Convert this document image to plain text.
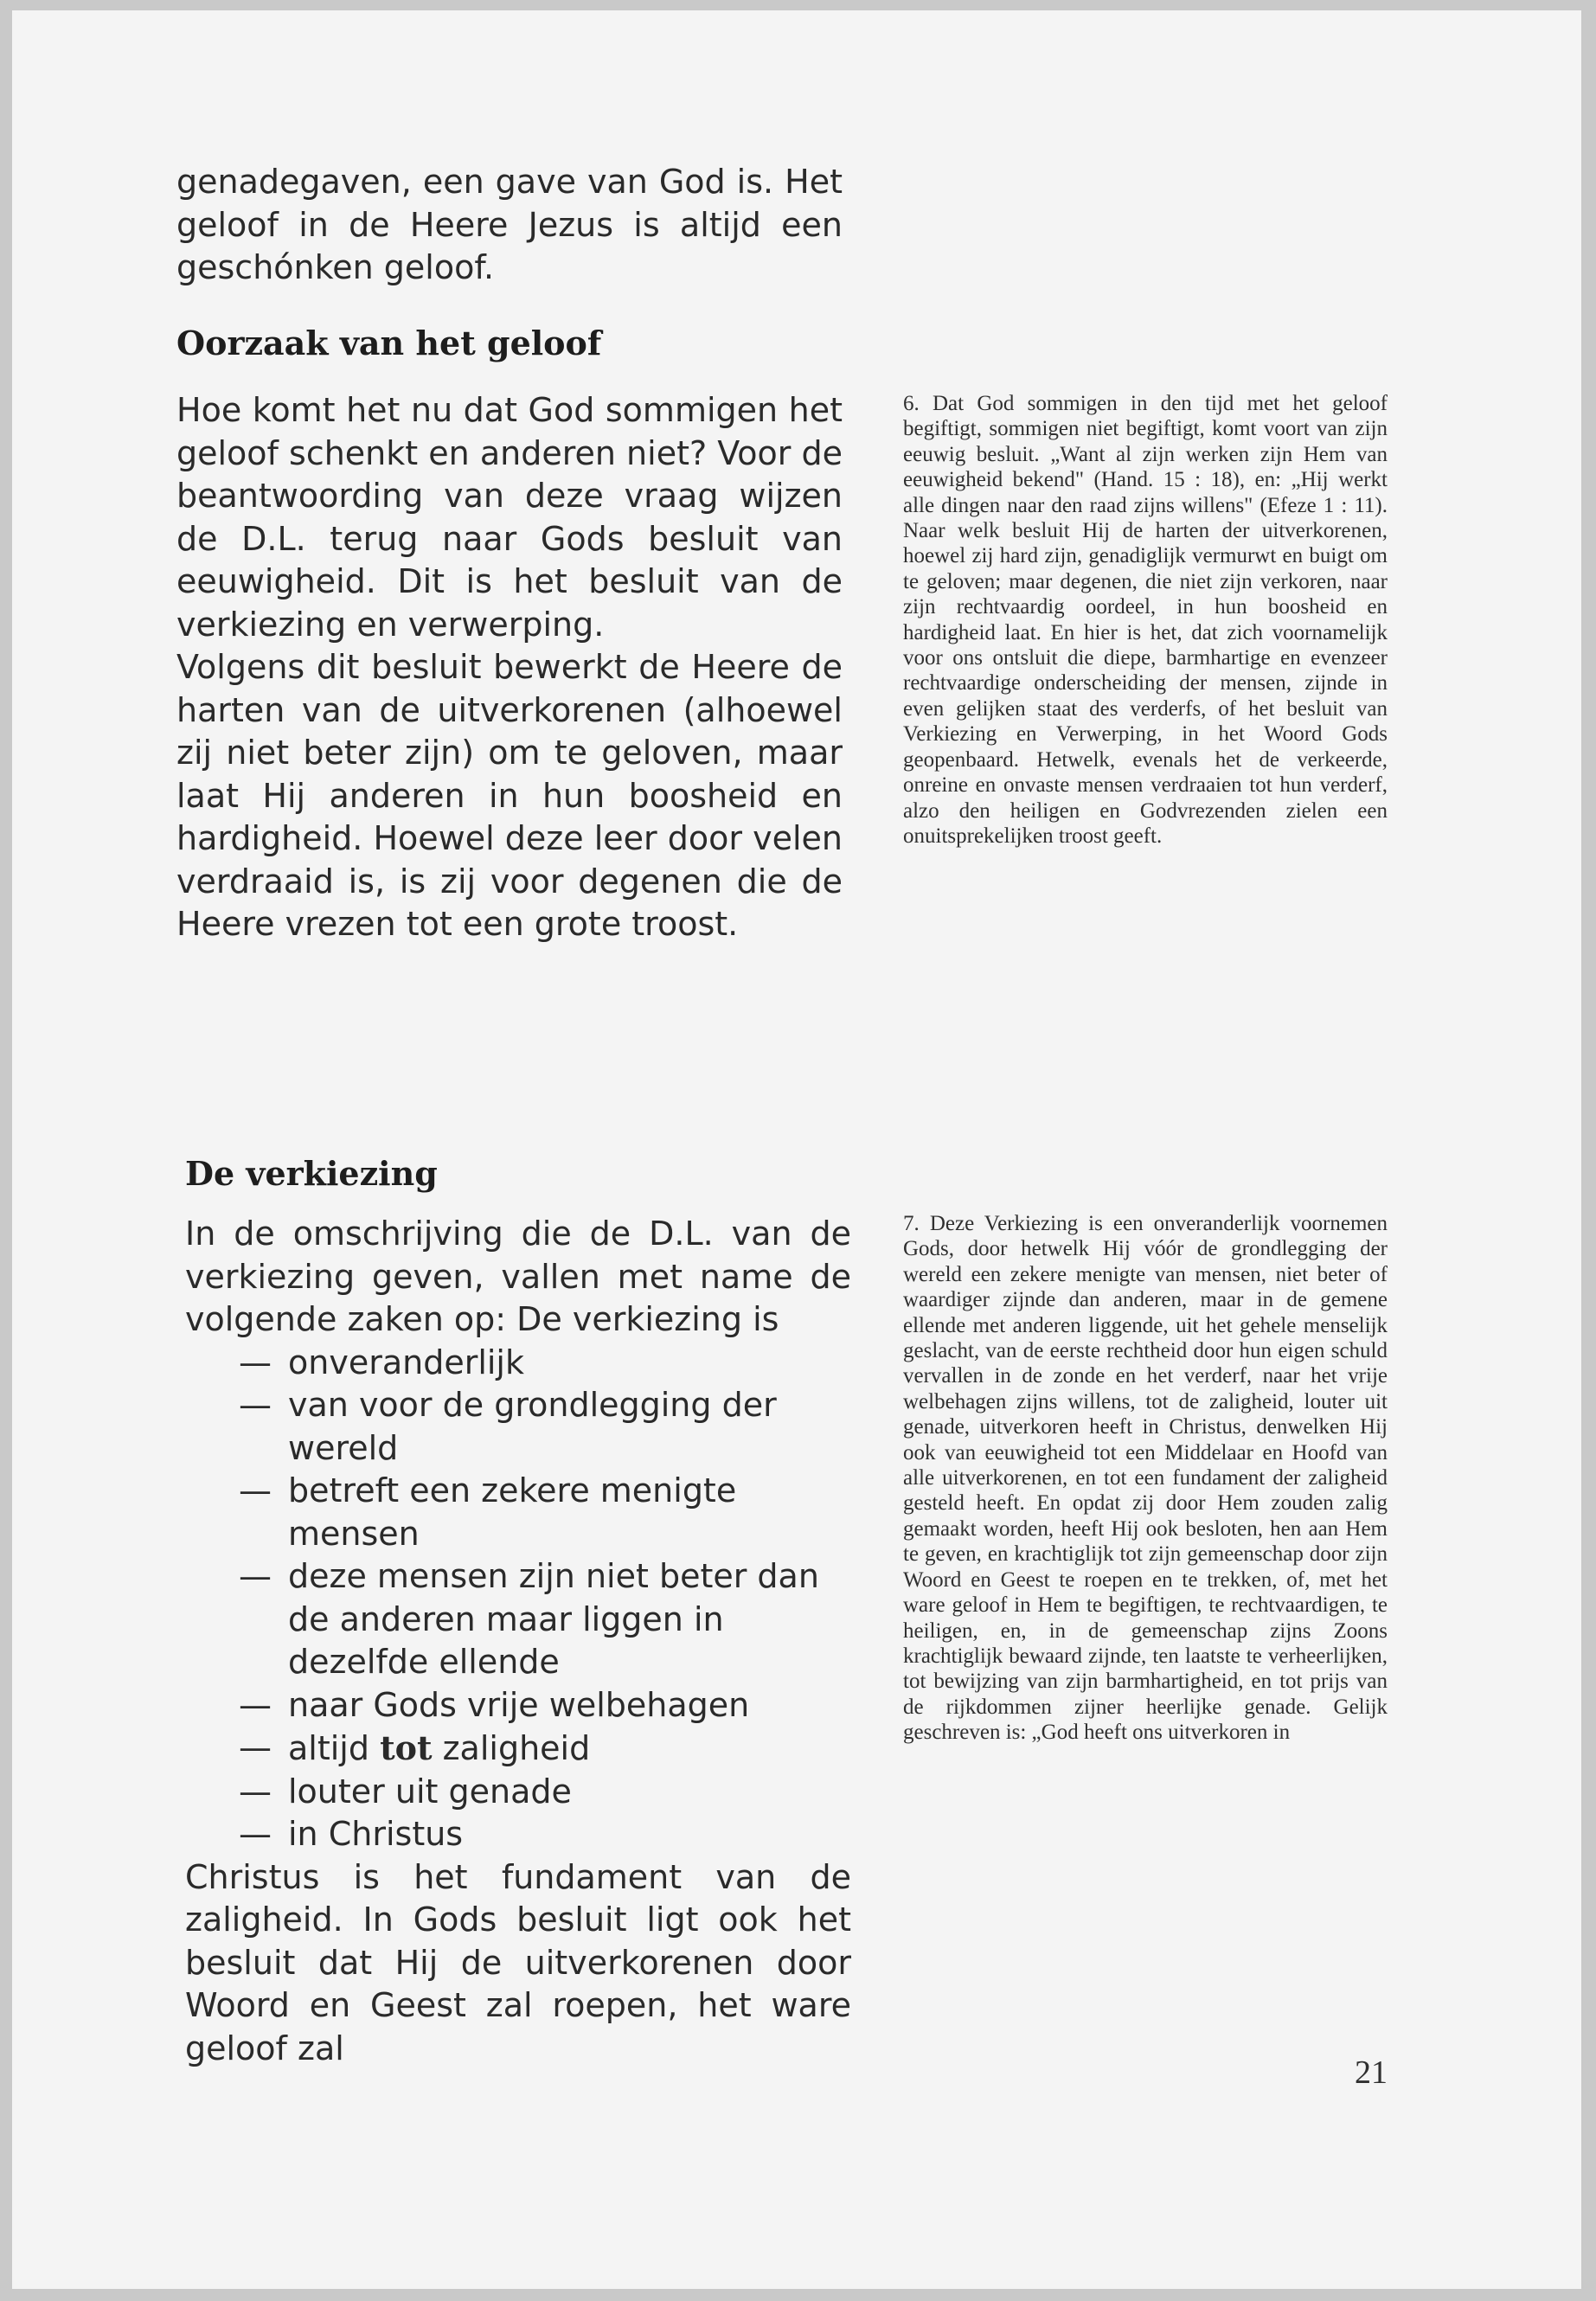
genadegaven, een gave van God is. Het geloof in de Heere Jezus is altijd een geschónken geloof.

Oorzaak van het geloof

Hoe komt het nu dat God sommigen het geloof schenkt en anderen niet? Voor de beantwoording van deze vraag wijzen de D.L. terug naar Gods besluit van eeuwigheid. Dit is het besluit van de verkiezing en verwerping.

Volgens dit besluit bewerkt de Heere de harten van de uitverkorenen (alhoewel zij niet beter zijn) om te geloven, maar laat Hij anderen in hun boosheid en hardigheid. Hoewel deze leer door velen verdraaid is, is zij voor degenen die de Heere vrezen tot een grote troost.

6. Dat God sommigen in den tijd met het geloof begiftigt, sommigen niet begiftigt, komt voort van zijn eeuwig besluit. „Want al zijn werken zijn Hem van eeuwigheid bekend" (Hand. 15 : 18), en: „Hij werkt alle dingen naar den raad zijns willens" (Efeze 1 : 11). Naar welk besluit Hij de harten der uitverkorenen, hoewel zij hard zijn, genadiglijk vermurwt en buigt om te geloven; maar degenen, die niet zijn verkoren, naar zijn rechtvaardig oordeel, in hun boosheid en hardigheid laat. En hier is het, dat zich voornamelijk voor ons ontsluit die diepe, barmhartige en evenzeer rechtvaardige onderscheiding der mensen, zijnde in even gelijken staat des verderfs, of het besluit van Verkiezing en Verwerping, in het Woord Gods geopenbaard. Hetwelk, evenals het de verkeerde, onreine en onvaste mensen verdraaien tot hun verderf, alzo den heiligen en Godvrezenden zielen een onuitsprekelijken troost geeft.

De verkiezing

In de omschrijving die de D.L. van de verkiezing geven, vallen met name de volgende zaken op: De verkiezing is

— onveranderlijk
— van voor de grondlegging der wereld
— betreft een zekere menigte mensen
— deze mensen zijn niet beter dan de anderen maar liggen in dezelfde ellende
— naar Gods vrije welbehagen
— altijd tot zaligheid
— louter uit genade
— in Christus

Christus is het fundament van de zaligheid. In Gods besluit ligt ook het besluit dat Hij de uitverkorenen door Woord en Geest zal roepen, het ware geloof zal

7. Deze Verkiezing is een onveranderlijk voornemen Gods, door hetwelk Hij vóór de grondlegging der wereld een zekere menigte van mensen, niet beter of waardiger zijnde dan anderen, maar in de gemene ellende met anderen liggende, uit het gehele menselijk geslacht, van de eerste rechtheid door hun eigen schuld vervallen in de zonde en het verderf, naar het vrije welbehagen zijns willens, tot de zaligheid, louter uit genade, uitverkoren heeft in Christus, denwelken Hij ook van eeuwigheid tot een Middelaar en Hoofd van alle uitverkorenen, en tot een fundament der zaligheid gesteld heeft. En opdat zij door Hem zouden zalig gemaakt worden, heeft Hij ook besloten, hen aan Hem te geven, en krachtiglijk tot zijn gemeenschap door zijn Woord en Geest te roepen en te trekken, of, met het ware geloof in Hem te begiftigen, te rechtvaardigen, te heiligen, en, in de gemeenschap zijns Zoons krachtiglijk bewaard zijnde, ten laatste te verheerlijken, tot bewijzing van zijn barmhartigheid, en tot prijs van de rijkdommen zijner heerlijke genade. Gelijk geschreven is: „God heeft ons uitverkoren in

21
